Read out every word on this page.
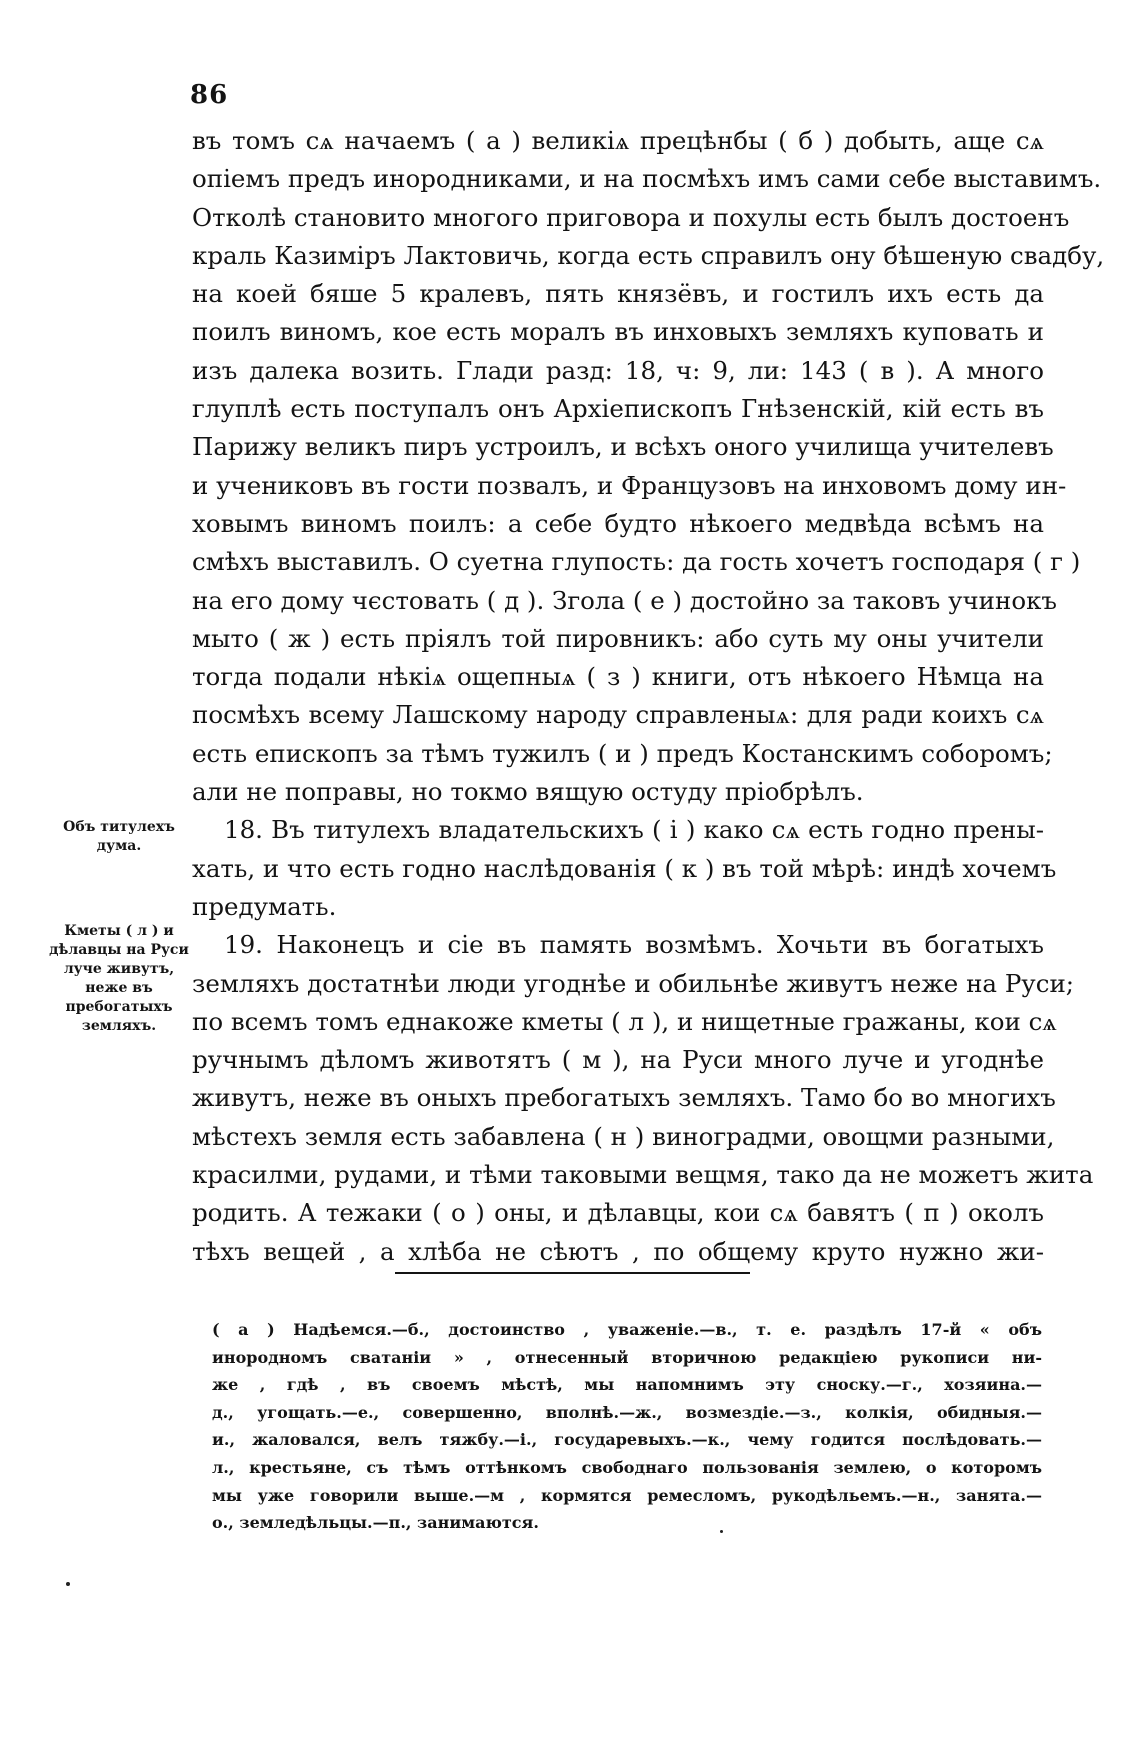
86
въ томъ сѧ начаемъ ( а ) великіѧ прецѣнбы ( б ) добыть, аще сѧ
опіемъ предъ инородниками, и на посмѣхъ имъ сами себе выставимъ.
Отколѣ становито многого приговора и похулы есть былъ достоенъ
краль Казиміръ Лактовичь, когда есть справилъ ону бѣшеную свадбу,
на коей бяше 5 кралевъ, пять князёвъ, и гостилъ ихъ есть да
поилъ виномъ, кое есть моралъ въ инховыхъ земляхъ куповать и
изъ далека возить. Глади разд: 18, ч: 9, ли: 143 ( в ). А много
глуплѣ есть поступалъ онъ Архіепископъ Гнѣзенскій, кій есть въ
Парижу великъ пиръ устроилъ, и всѣхъ оного училища учителевъ
и учениковъ въ гости позвалъ, и Французовъ на инховомъ дому ин-
ховымъ виномъ поилъ: а себе будто нѣкоего медвѣда всѣмъ на
смѣхъ выставилъ. О суетна глупость: да гость хочетъ господаря ( г )
на его дому чєстовать ( д ). Згола ( е ) достойно за таковъ учинокъ
мыто ( ж ) есть пріялъ той пировникъ: або суть му оны учители
тогда подали нѣкіѧ ощепныѧ ( з ) книги, отъ нѣкоего Нѣмца на
посмѣхъ всему Лашскому народу справленыѧ: для ради коихъ сѧ
есть епископъ за тѣмъ тужилъ ( и ) предъ Костанскимъ соборомъ;
али не поправы, но токмо вящую остуду пріобрѣлъ.
18. Въ титулехъ владательскихъ ( і ) како сѧ есть годно прены-
хать, и что есть годно наслѣдованія ( к ) въ той мѣрѣ: индѣ хочемъ
предумать.
19. Наконецъ и сіе въ память возмѣмъ. Хочьти въ богатыхъ
земляхъ достатнѣи люди угоднѣе и обильнѣе живутъ неже на Руси;
по всемъ томъ еднакоже кметы ( л ), и нищетные гражаны, кои сѧ
ручнымъ дѣломъ животятъ ( м ), на Руси много луче и угоднѣе
живутъ, неже въ оныхъ пребогатыхъ земляхъ. Тамо бо во многихъ
мѣстехъ земля есть забавлена ( н ) виноградми, овощми разными,
красилми, рудами, и тѣми таковыми вещмя, тако да не можетъ жита
родить. А тежаки ( о ) оны, и дѣлавцы, кои сѧ бавятъ ( п ) околъ
тѣхъ вещей , а хлѣба не сѣютъ , по общему круто нужно жи-
Объ титулехъ дума.
Кметы ( л ) и дѣлавцы на Руси луче живутъ, неже въ пребогатыхъ земляхъ.
( а ) Надѣемся.—б., достоинство , уваженіе.—в., т. е. раздѣлъ 17-й « объ
инородномъ сватаніи » , отнесенный вторичною редакціею рукописи ни-
же , гдѣ , въ своемъ мѣстѣ, мы напомнимъ эту сноску.—г., хозяина.—
д., угощать.—е., совершенно, вполнѣ.—ж., возмездіе.—з., колкія, обидныя.—
и., жаловался, велъ тяжбу.—і., государевыхъ.—к., чему годится послѣдовать.—
л., крестьяне, съ тѣмъ оттѣнкомъ свободнаго пользованія землею, о которомъ
мы уже говорили выше.—м , кормятся ремесломъ, рукодѣльемъ.—н., занята.—
о., земледѣльцы.—п., занимаются.
